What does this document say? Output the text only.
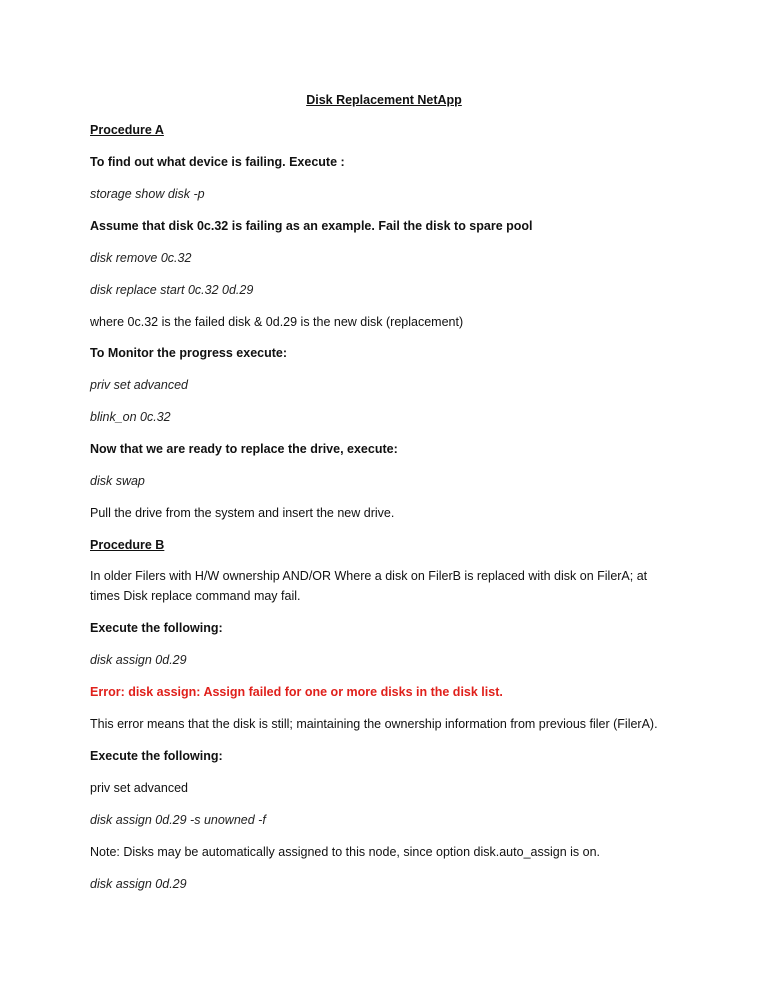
Disk Replacement NetApp
Procedure A
To find out what device is failing. Execute :
storage show disk -p
Assume that disk 0c.32 is failing as an example. Fail the disk to spare pool
disk remove 0c.32
disk replace start 0c.32 0d.29
where 0c.32 is the failed disk & 0d.29 is the new disk (replacement)
To Monitor the progress execute:
priv set advanced
blink_on 0c.32
Now that we are ready to replace the drive, execute:
disk swap
Pull the drive from the system and insert the new drive.
Procedure B
In older Filers with H/W ownership AND/OR Where a disk on FilerB is replaced with disk on FilerA; at
times Disk replace command may fail.
Execute the following:
disk assign 0d.29
Error: disk assign: Assign failed for one or more disks in the disk list.
This error means that the disk is still; maintaining the ownership information from previous filer (FilerA).
Execute the following:
priv set advanced
disk assign 0d.29 -s unowned -f
Note: Disks may be automatically assigned to this node, since option disk.auto_assign is on.
disk assign 0d.29
